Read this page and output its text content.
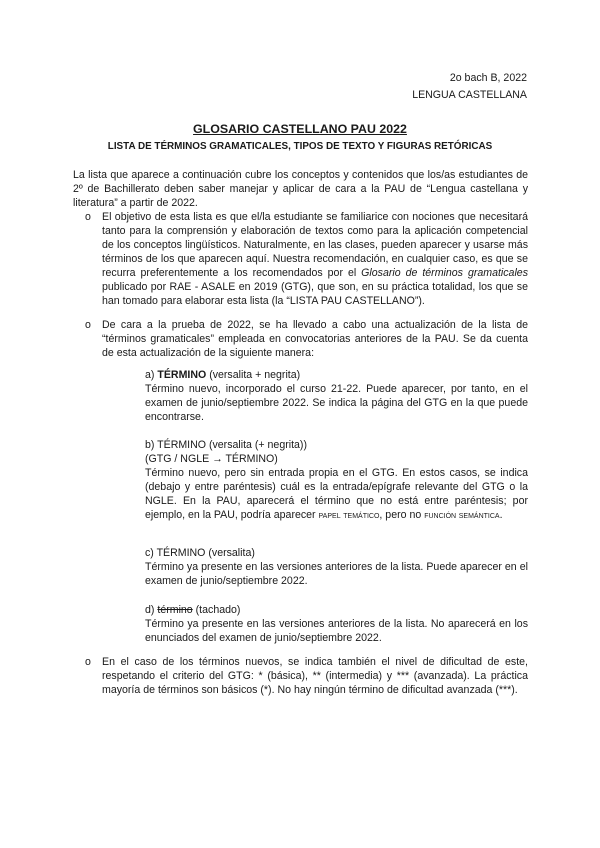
2o bach B, 2022
LENGUA CASTELLANA
GLOSARIO CASTELLANO PAU 2022
LISTA DE TÉRMINOS GRAMATICALES, TIPOS DE TEXTO Y FIGURAS RETÓRICAS
La lista que aparece a continuación cubre los conceptos y contenidos que los/as estudiantes de 2º de Bachillerato deben saber manejar y aplicar de cara a la PAU de “Lengua castellana y literatura” a partir de 2022.
o El objetivo de esta lista es que el/la estudiante se familiarice con nociones que necesitará tanto para la comprensión y elaboración de textos como para la aplicación competencial de los conceptos lingüísticos. Naturalmente, en las clases, pueden aparecer y usarse más términos de los que aparecen aquí. Nuestra recomendación, en cualquier caso, es que se recurra preferentemente a los recomendados por el Glosario de términos gramaticales publicado por RAE - ASALE en 2019 (GTG), que son, en su práctica totalidad, los que se han tomado para elaborar esta lista (la “LISTA PAU CASTELLANO”).
o De cara a la prueba de 2022, se ha llevado a cabo una actualización de la lista de “términos gramaticales” empleada en convocatorias anteriores de la PAU. Se da cuenta de esta actualización de la siguiente manera:
a) TÉRMINO (versalita + negrita)
Término nuevo, incorporado el curso 21-22. Puede aparecer, por tanto, en el examen de junio/septiembre 2022. Se indica la página del GTG en la que puede encontrarse.
b) TÉRMINO (versalita (+ negrita))
(GTG / NGLE → TÉRMINO)
Término nuevo, pero sin entrada propia en el GTG. En estos casos, se indica (debajo y entre paréntesis) cuál es la entrada/epígrafe relevante del GTG o la NGLE. En la PAU, aparecerá el término que no está entre paréntesis; por ejemplo, en la PAU, podría aparecer papel temático, pero no función semántica.
c) TÉRMINO (versalita)
Término ya presente en las versiones anteriores de la lista. Puede aparecer en el examen de junio/septiembre 2022.
d) término (tachado)
Término ya presente en las versiones anteriores de la lista. No aparecerá en los enunciados del examen de junio/septiembre 2022.
o En el caso de los términos nuevos, se indica también el nivel de dificultad de este, respetando el criterio del GTG: * (básica), ** (intermedia) y *** (avanzada). La práctica mayoría de términos son básicos (*). No hay ningún término de dificultad avanzada (***).
